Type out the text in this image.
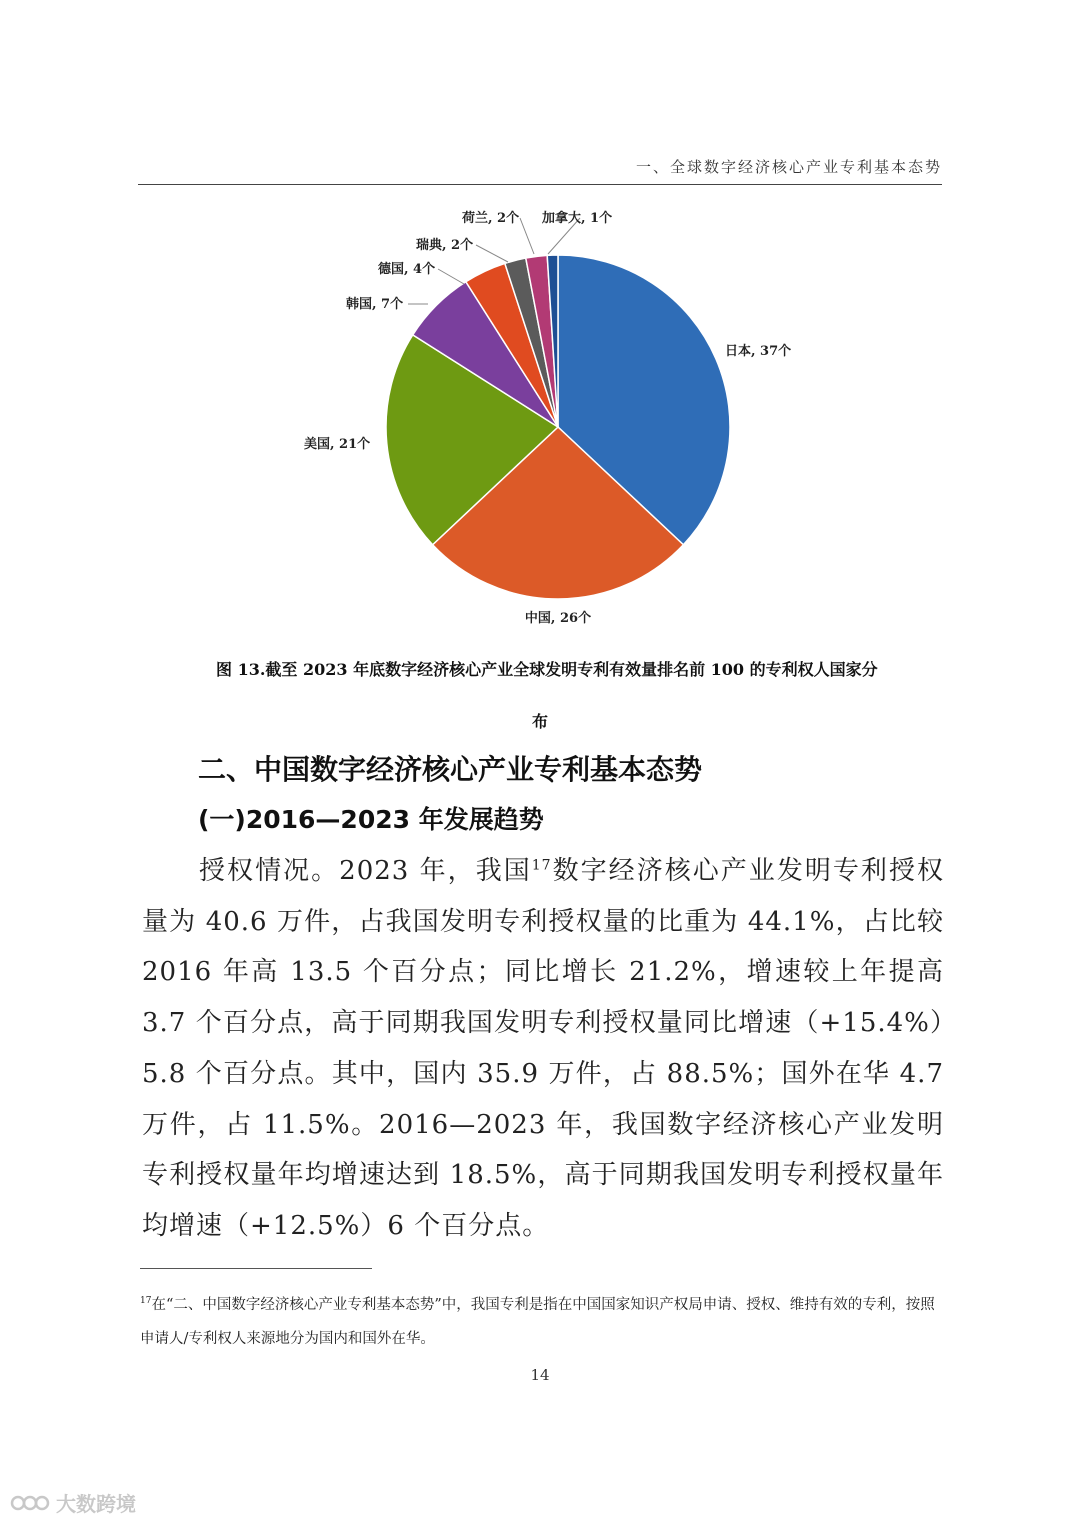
一、全球数字经济核心产业专利基本态势
日本, 37个
中国, 26个
美国, 21个
韩国, 7个
德国, 4个
瑞典, 2个
荷兰, 2个 加拿大, 1个
图 13.截至 2023 年底数字经济核心产业全球发明专利有效量排名前 100 的专利权人国家分
布
二、中国数字经济核心产业专利基本态势
(一)2016—2023 年发展趋势
授权情况。2023 年，我国$^{17}$数字经济核心产业发明专利授权量为 40.6 万件，占我国发明专利授权量的比重为 44.1%，占比较 2016 年高 13.5 个百分点；同比增长 21.2%，增速较上年提高 3.7 个百分点，高于同期我国发明专利授权量同比增速（+15.4%）5.8 个百分点。其中，国内 35.9 万件，占 88.5%；国外在华 4.7 万件，占 11.5%。2016—2023 年，我国数字经济核心产业发明专利授权量年均增速达到 18.5%，高于同期我国发明专利授权量年均增速（+12.5%）6 个百分点。
$^{17}$在“二、中国数字经济核心产业专利基本态势”中，我国专利是指在中国国家知识产权局申请、授权、维持有效的专利，按照申请人/专利权人来源地分为国内和国外在华。
14
大数跨境
